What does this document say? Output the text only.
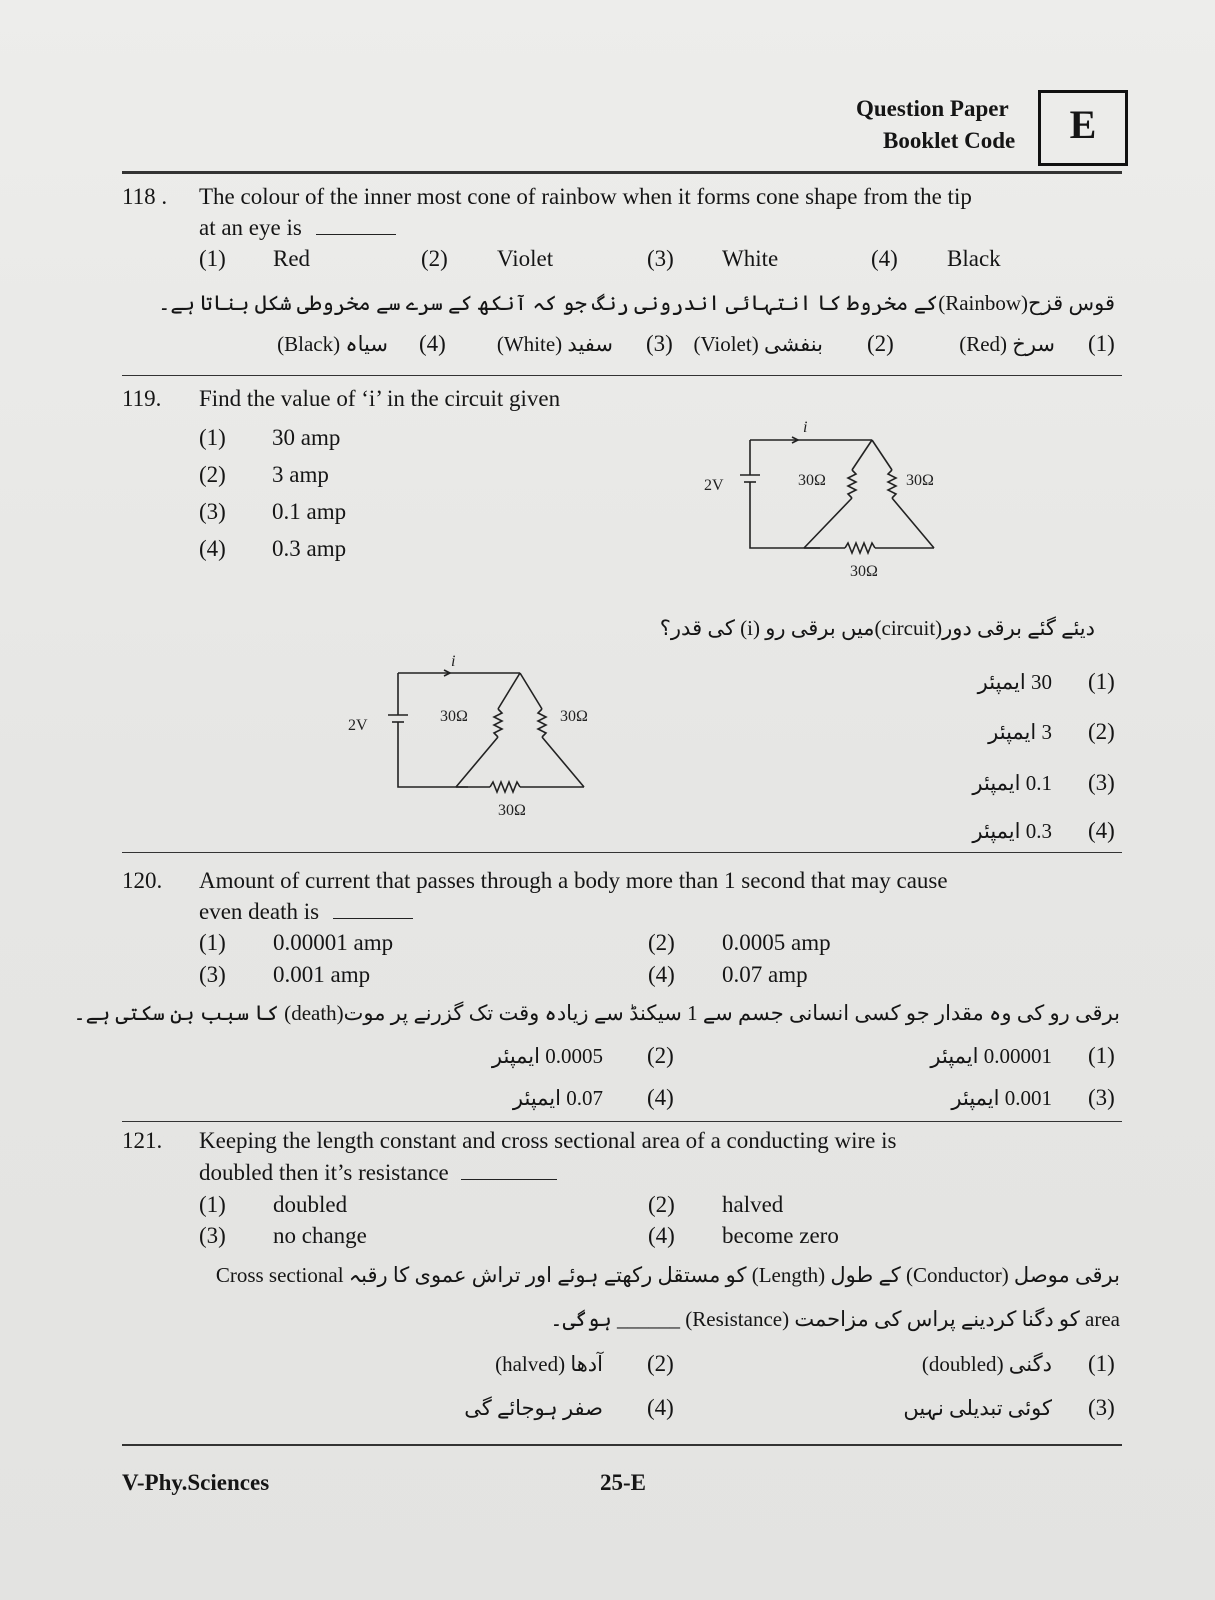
Question Paper
Booklet Code	E
118 . The colour of the inner most cone of rainbow when it forms cone shape from the tip
at an eye is
(1) Red	(2) Violet	(3) White	(4) Black
قوس قزح(Rainbow)کے مخروط کا انتہائی اندرونی رنگ جو کہ آنکھ کے سرے سے مخروطی شکل بناتا ہے۔
(1)
سرخ (Red)
(2)
بنفشی (Violet)
(3)
سفید (White)
(4)
سیاہ (Black)
119. Find the value of ‘i’ in the circuit given
(1) 30 amp
(2) 3 amp
(3) 0.1 amp
(4) 0.3 amp
i
2V	30Ω	30Ω
30Ω
دیئے گئے برقی دور(circuit)میں برقی رو (i) کی قدر؟
i
2V
30Ω	30Ω
30Ω
(1)
30 ایمپئر
(2)
3 ایمپئر
(3)
0.1 ایمپئر
(4)
0.3 ایمپئر
120. Amount of current that passes through a body more than 1 second that may cause
even death is
(1) 0.00001 amp	(2) 0.0005 amp
(3) 0.001 amp	(4) 0.07 amp
برقی رو کی وہ مقدار جو کسی انسانی جسم سے 1 سیکنڈ سے زیادہ وقت تک گزرنے پر موت(death) کا سبب بن سکتی ہے۔
(1)
0.00001 ایمپئر
(2)
0.0005 ایمپئر
(3)
0.001 ایمپئر
(4)
0.07 ایمپئر
121. Keeping the length constant and cross sectional area of a conducting wire is
doubled then it’s resistance
(1) doubled	(2) halved
(3) no change	(4) become zero
برقی موصل (Conductor) کے طول (Length) کو مستقل رکھتے ہوئے اور تراش عموی کا رقبہ Cross sectional
area کو دگنا کردینے پراس کی مزاحمت (Resistance) ______ ہوگی۔
(1)
دگنی (doubled)
(2)
آدھا (halved)
(3)
کوئی تبدیلی نہیں
(4)
صفر ہوجائے گی
V-Phy.Sciences	25-E
